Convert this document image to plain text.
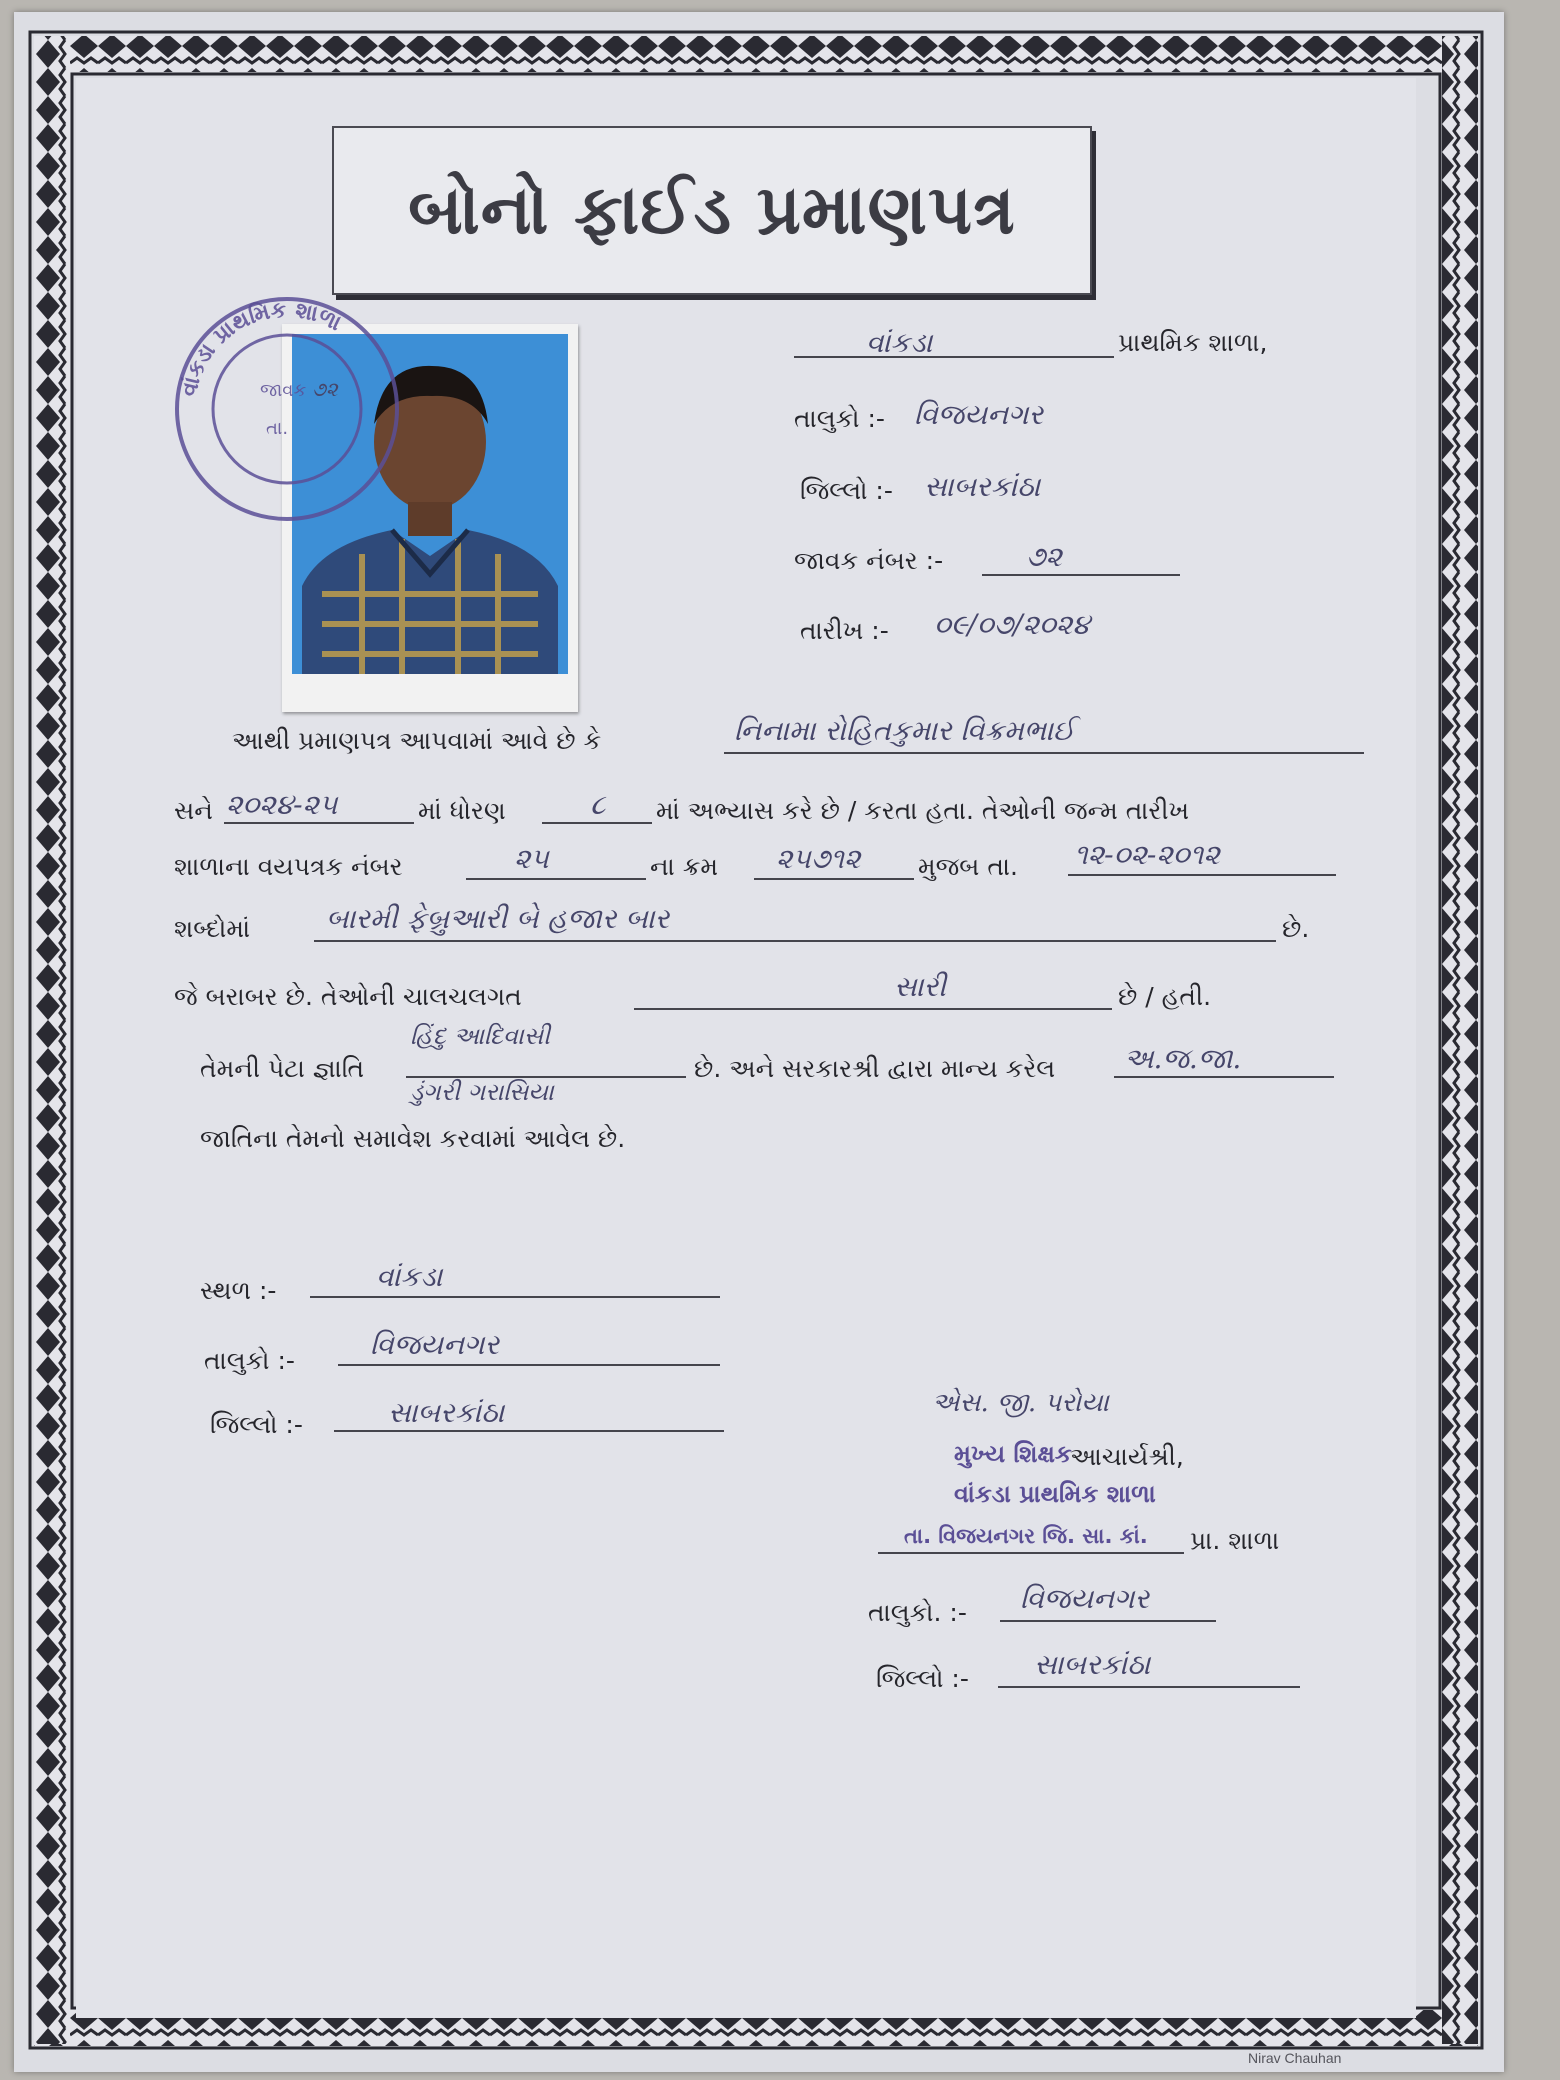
બોનો ફાઈડ પ્રમાણપત્ર
વાંકડા પ્રાથમિક શાળા
જાવક ૭૨
તા.
વાંકડા	પ્રાથમિક શાળા,
તાલુકો :- વિજયનગર
જિલ્લો :- સાબરકાંઠા
જાવક નંબર :-	૭૨
તારીખ :- ૦૯/૦૭/૨૦૨૪
આથી પ્રમાણપત્ર આપવામાં આવે છે કે	નિનામા રોહિતકુમાર વિક્રમભાઈ
સને ૨૦૨૪-૨૫	માં ધોરણ	૮ માં અભ્યાસ કરે છે / કરતા હતા. તેઓની જન્મ તારીખ
શાળાના વયપત્રક નંબર	૨૫	ના ક્રમ ૨૫૭૧૨ મુજબ તા. ૧૨-૦૨-૨૦૧૨
શબ્દોમાં	બારમી ફેબ્રુઆરી બે હજાર બાર	છે.
જે બરાબર છે. તેઓની ચાલચલગત	સારી	છે / હતી.
તેમની પેટા જ્ઞાતિ
હિંદુ આદિવાસી
ડુંગરી ગરાસિયા
છે. અને સરકારશ્રી દ્વારા માન્ય કરેલ અ.જ.જા.
જાતિના તેમનો સમાવેશ કરવામાં આવેલ છે.
સ્થળ :-	વાંકડા
તાલુકો :-	વિજયનગર
જિલ્લો :-	સાબરકાંઠા	એસ. જી. પરોયા
મુખ્ય શિક્ષક
આચાર્યશ્રી,
વાંકડા પ્રાથમિક શાળા
તા. વિજયનગર જિ. સા. કાં. પ્રા. શાળા
તાલુકો. :- વિજયનગર
જિલ્લો :- સાબરકાંઠા
Nirav Chauhan
